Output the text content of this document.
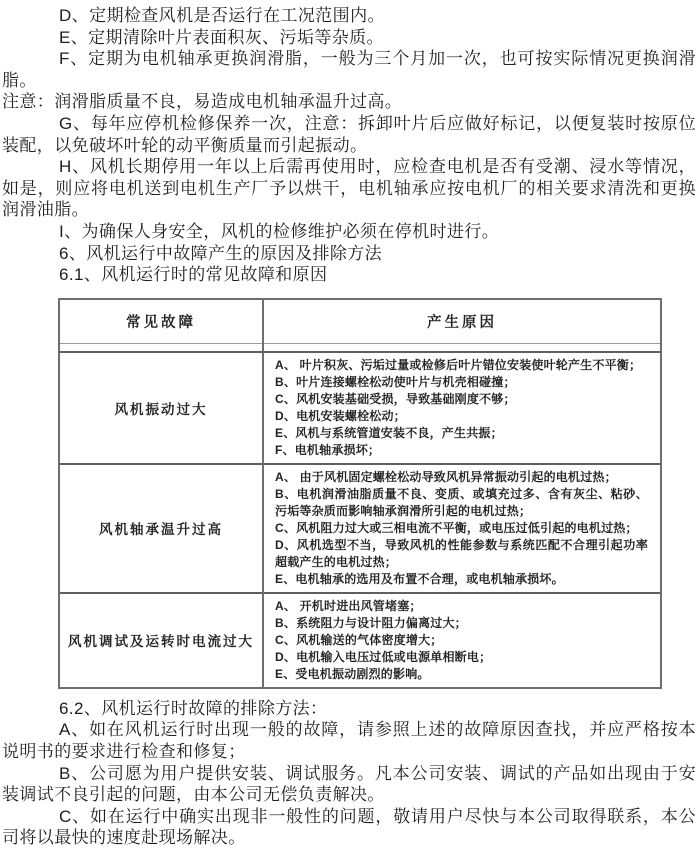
D、定期检查风机是否运行在工况范围内。

E、定期清除叶片表面积灰、污垢等杂质。

F、定期为电机轴承更换润滑脂，一般为三个月加一次，也可按实际情况更换润滑脂。

注意：润滑脂质量不良，易造成电机轴承温升过高。

G、每年应停机检修保养一次，注意：拆卸叶片后应做好标记，以便复装时按原位装配，以免破坏叶轮的动平衡质量而引起振动。

H、风机长期停用一年以上后需再使用时，应检查电机是否有受潮、浸水等情况，如是，则应将电机送到电机生产厂予以烘干，电机轴承应按电机厂的相关要求清洗和更换润滑油脂。

I、为确保人身安全，风机的检修维护必须在停机时进行。

6、风机运行中故障产生的原因及排除方法

6.1、风机运行时的常见故障和原因

常见故障	产生原因

风机振动过大	
A、 叶片积灰、污垢过量或检修后叶片错位安装使叶轮产生不平衡；
B、叶片连接螺栓松动使叶片与机壳相碰撞；
C、风机安装基础受损，导致基础刚度不够；
D、电机安装螺栓松动；
E、风机与系统管道安装不良，产生共振；
F、电机轴承损坏；

风机轴承温升过高	A、 由于风机固定螺栓松动导致风机异常振动引起的电机过热；
B、电机润滑油脂质量不良、变质、或填充过多、含有灰尘、粘砂、污垢等杂质而影响轴承润滑所引起的电机过热；
C、风机阻力过大或三相电流不平衡，或电压过低引起的电机过热；
D、风机选型不当，导致风机的性能参数与系统匹配不合理引起功率超载产生的电机过热；
E、电机轴承的选用及布置不合理，或电机轴承损坏。

风机调试及运转时电流过大	A、 开机时进出风管堵塞；
B、系统阻力与设计阻力偏离过大；
C、风机输送的气体密度增大；
D、电机输入电压过低或电源单相断电；
E、受电机振动剧烈的影响。

6.2、风机运行时故障的排除方法：

A、如在风机运行时出现一般的故障，请参照上述的故障原因查找，并应严格按本说明书的要求进行检查和修复；

B、公司愿为用户提供安装、调试服务。凡本公司安装、调试的产品如出现由于安装调试不良引起的问题，由本公司无偿负责解决。

C、如在运行中确实出现非一般性的问题，敬请用户尽快与本公司取得联系，本公司将以最快的速度赴现场解决。
